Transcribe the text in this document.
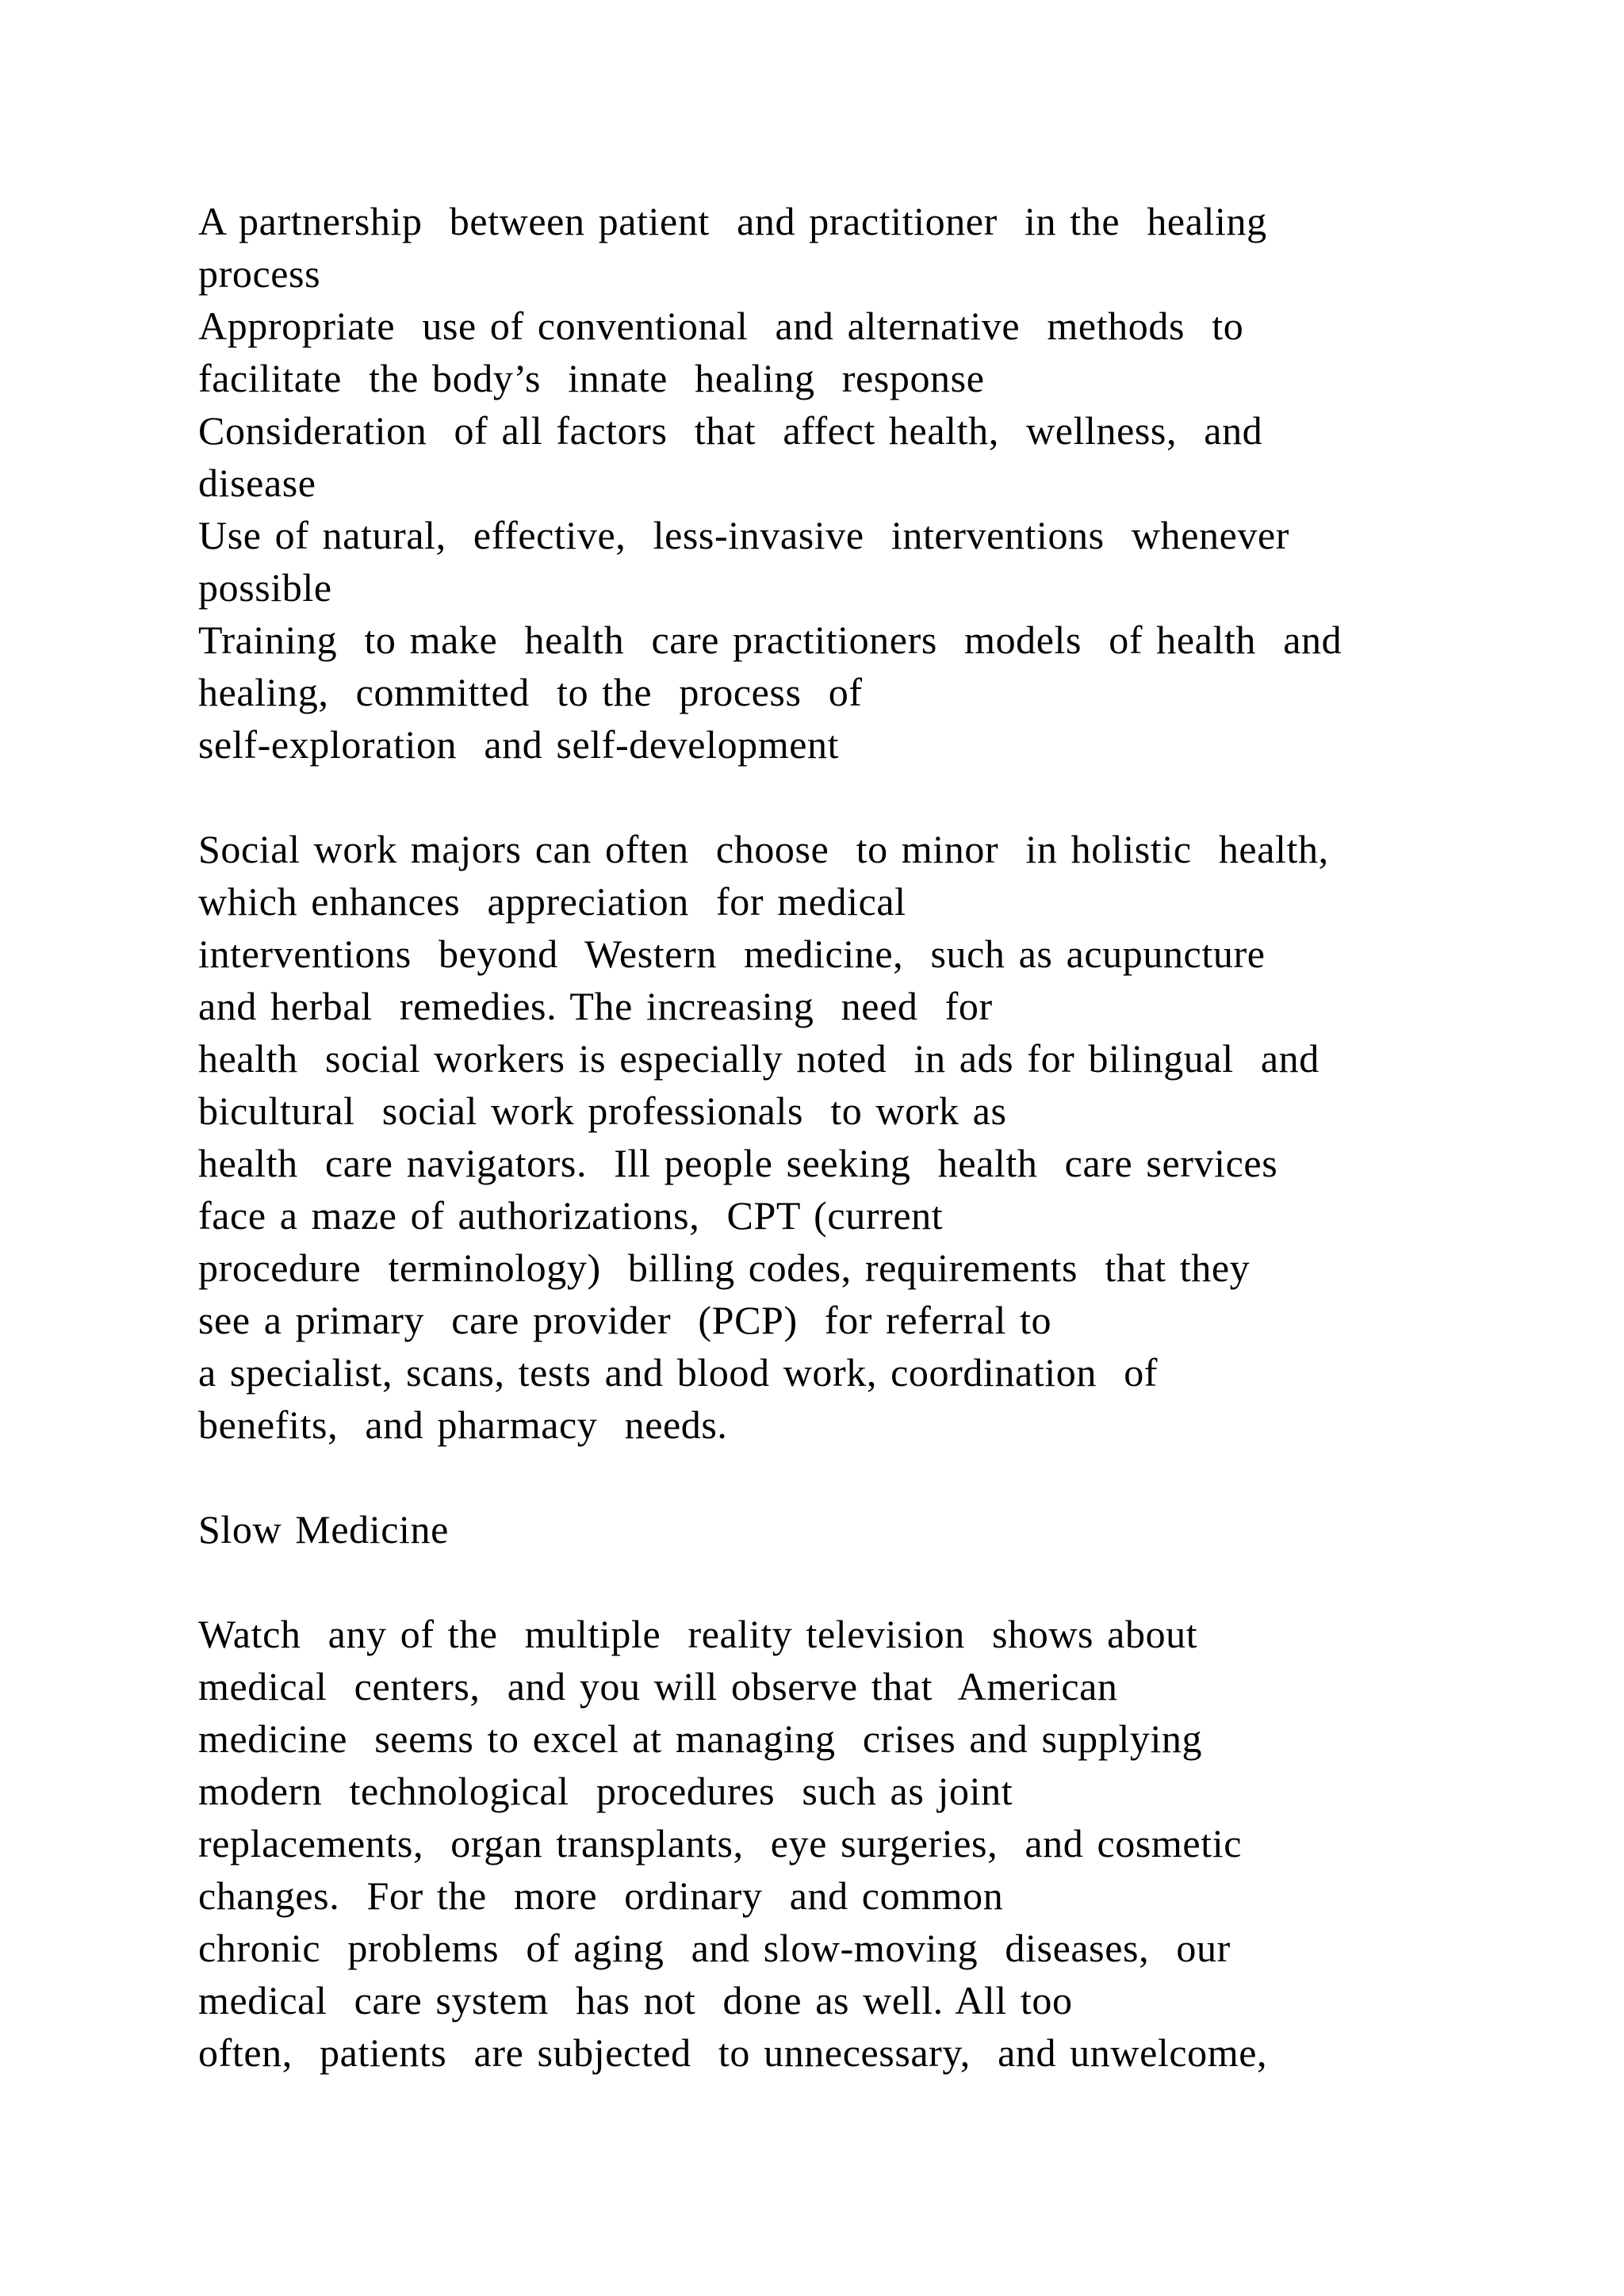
A partnership  between patient  and practitioner  in the  healing
process
Appropriate  use of conventional  and alternative  methods  to
facilitate  the body’s  innate  healing  response
Consideration  of all factors  that  affect health,  wellness,  and
disease
Use of natural,  effective,  less-invasive  interventions  whenever
possible
Training  to make  health  care practitioners  models  of health  and
healing,  committed  to the  process  of
self-exploration  and self-development
Social work majors can often  choose  to minor  in holistic  health,
which enhances  appreciation  for medical
interventions  beyond  Western  medicine,  such as acupuncture
and herbal  remedies. The increasing  need  for
health  social workers is especially noted  in ads for bilingual  and
bicultural  social work professionals  to work as
health  care navigators.  Ill people seeking  health  care services
face a maze of authorizations,  CPT (current
procedure  terminology)  billing codes, requirements  that they
see a primary  care provider  (PCP)  for referral to
a specialist, scans, tests and blood work, coordination  of
benefits,  and pharmacy  needs.
Slow Medicine
Watch  any of the  multiple  reality television  shows about
medical  centers,  and you will observe that  American
medicine  seems to excel at managing  crises and supplying
modern  technological  procedures  such as joint
replacements,  organ transplants,  eye surgeries,  and cosmetic
changes.  For the  more  ordinary  and common
chronic  problems  of aging  and slow-moving  diseases,  our
medical  care system  has not  done as well. All too
often,  patients  are subjected  to unnecessary,  and unwelcome,
